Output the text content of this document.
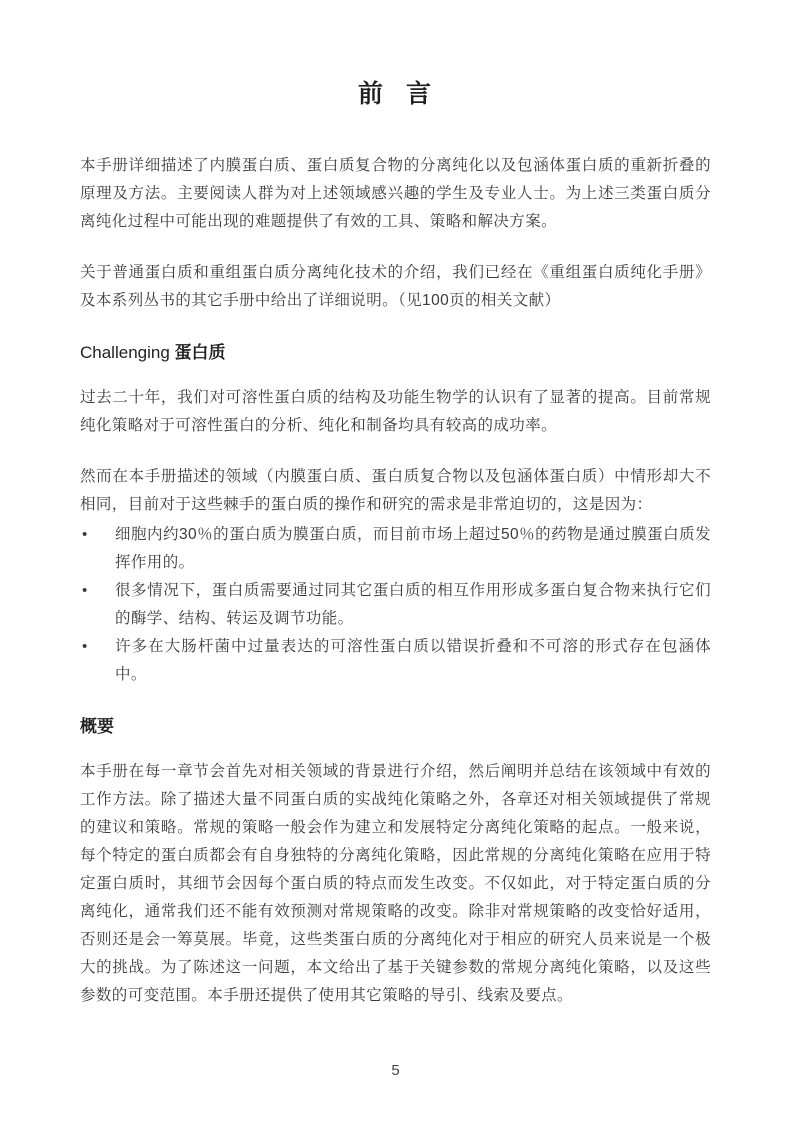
前 言

本手册详细描述了内膜蛋白质、蛋白质复合物的分离纯化以及包涵体蛋白质的重新折叠的原理及方法。主要阅读人群为对上述领域感兴趣的学生及专业人士。为上述三类蛋白质分离纯化过程中可能出现的难题提供了有效的工具、策略和解决方案。

关于普通蛋白质和重组蛋白质分离纯化技术的介绍，我们已经在《重组蛋白质纯化手册》及本系列丛书的其它手册中给出了详细说明。（见100页的相关文献）

Challenging 蛋白质

过去二十年，我们对可溶性蛋白质的结构及功能生物学的认识有了显著的提高。目前常规纯化策略对于可溶性蛋白的分析、纯化和制备均具有较高的成功率。

然而在本手册描述的领域（内膜蛋白质、蛋白质复合物以及包涵体蛋白质）中情形却大不相同，目前对于这些棘手的蛋白质的操作和研究的需求是非常迫切的，这是因为：

• 细胞内约30％的蛋白质为膜蛋白质，而目前市场上超过50％的药物是通过膜蛋白质发挥作用的。
• 很多情况下，蛋白质需要通过同其它蛋白质的相互作用形成多蛋白复合物来执行它们的酶学、结构、转运及调节功能。
• 许多在大肠杆菌中过量表达的可溶性蛋白质以错误折叠和不可溶的形式存在包涵体中。
概要

本手册在每一章节会首先对相关领域的背景进行介绍，然后阐明并总结在该领域中有效的工作方法。除了描述大量不同蛋白质的实战纯化策略之外，各章还对相关领域提供了常规的建议和策略。常规的策略一般会作为建立和发展特定分离纯化策略的起点。一般来说，每个特定的蛋白质都会有自身独特的分离纯化策略，因此常规的分离纯化策略在应用于特定蛋白质时，其细节会因每个蛋白质的特点而发生改变。不仅如此，对于特定蛋白质的分离纯化，通常我们还不能有效预测对常规策略的改变。除非对常规策略的改变恰好适用，否则还是会一筹莫展。毕竟，这些类蛋白质的分离纯化对于相应的研究人员来说是一个极大的挑战。为了陈述这一问题，本文给出了基于关键参数的常规分离纯化策略，以及这些参数的可变范围。本手册还提供了使用其它策略的导引、线索及要点。

5
